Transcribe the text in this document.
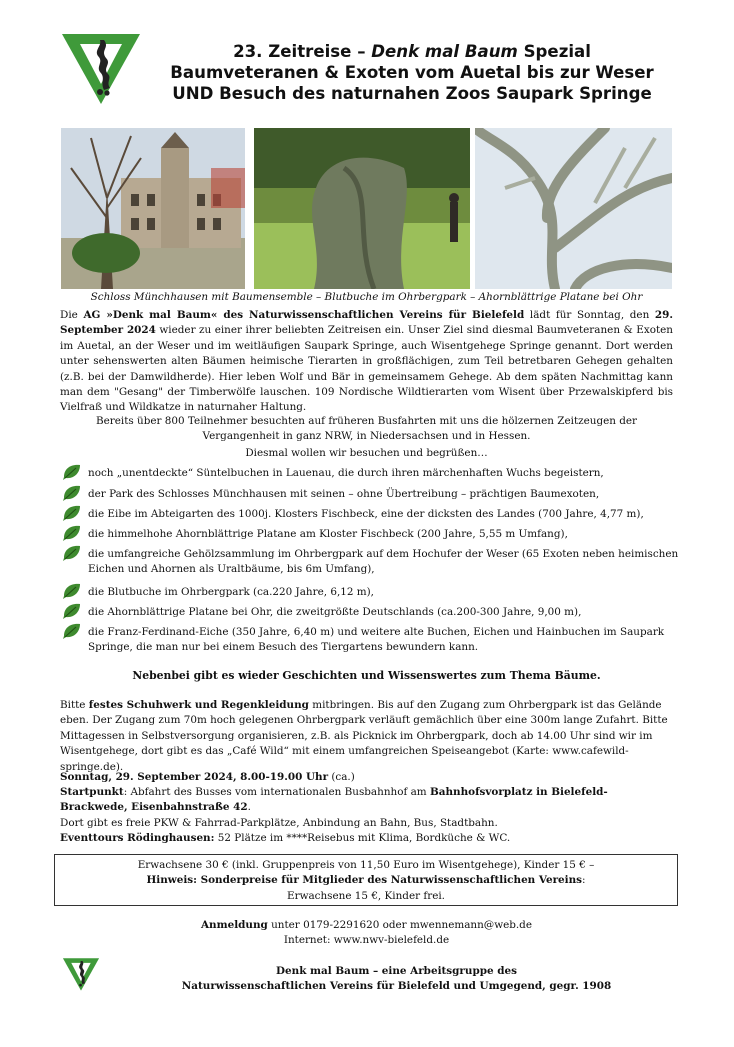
23. Zeitreise – Denk mal Baum Spezial
Baumveteranen & Exoten vom Auetal bis zur Weser
UND Besuch des naturnahen Zoos Saupark Springe
Schloss Münchhausen mit Baumensemble – Blutbuche im Ohrbergpark – Ahornblättrige Platane bei Ohr
Die AG »Denk mal Baum« des Naturwissenschaftlichen Vereins für Bielefeld lädt für Sonntag, den 29. September 2024 wieder zu einer ihrer beliebten Zeitreisen ein. Unser Ziel sind diesmal Baumveteranen & Exoten im Auetal, an der Weser und im weitläufigen Saupark Springe, auch Wisentgehege Springe genannt. Dort werden unter sehenswerten alten Bäumen heimische Tierarten in großflächigen, zum Teil betretbaren Gehegen gehalten (z.B. bei der Damwildherde). Hier leben Wolf und Bär in gemeinsamem Gehege. Ab dem späten Nachmittag kann man dem "Gesang" der Timberwölfe lauschen. 109 Nordische Wildtierarten vom Wisent über Przewalskipferd bis Vielfraß und Wildkatze in naturnaher Haltung.
Bereits über 800 Teilnehmer besuchten auf früheren Busfahrten mit uns die hölzernen Zeitzeugen der Vergangenheit in ganz NRW, in Niedersachsen und in Hessen.
Diesmal wollen wir besuchen und begrüßen…
noch „unentdeckte“ Süntelbuchen in Lauenau, die durch ihren märchenhaften Wuchs begeistern,
der Park des Schlosses Münchhausen mit seinen – ohne Übertreibung – prächtigen Baumexoten,
die Eibe im Abteigarten des 1000j. Klosters Fischbeck, eine der dicksten des Landes (700 Jahre, 4,77 m),
die himmelhohe Ahornblättrige Platane am Kloster Fischbeck (200 Jahre, 5,55 m Umfang),
die umfangreiche Gehölzsammlung im Ohrbergpark auf dem Hochufer der Weser (65 Exoten neben heimischen Eichen und Ahornen als Uraltbäume, bis 6m Umfang),
die Blutbuche im Ohrbergpark (ca.220 Jahre, 6,12 m),
die Ahornblättrige Platane bei Ohr, die zweitgrößte Deutschlands (ca.200-300 Jahre, 9,00 m),
die Franz-Ferdinand-Eiche (350 Jahre, 6,40 m) und weitere alte Buchen, Eichen und Hainbuchen im Saupark Springe, die man nur bei einem Besuch des Tiergartens bewundern kann.
Nebenbei gibt es wieder Geschichten und Wissenswertes zum Thema Bäume.
Bitte festes Schuhwerk und Regenkleidung mitbringen. Bis auf den Zugang zum Ohrbergpark ist das Gelände eben. Der Zugang zum 70m hoch gelegenen Ohrbergpark verläuft gemächlich über eine 300m lange Zufahrt. Bitte Mittagessen in Selbstversorgung organisieren, z.B. als Picknick im Ohrbergpark, doch ab 14.00 Uhr sind wir im Wisentgehege, dort gibt es das „Café Wild“ mit einem umfangreichen Speiseangebot (Karte: www.cafewild-springe.de).
Sonntag, 29. September 2024, 8.00-19.00 Uhr (ca.)
Startpunkt: Abfahrt des Busses vom internationalen Busbahnhof am Bahnhofsvorplatz in Bielefeld-Brackwede, Eisenbahnstraße 42.
Dort gibt es freie PKW & Fahrrad-Parkplätze, Anbindung an Bahn, Bus, Stadtbahn.
Eventtours Rödinghausen: 52 Plätze im ****Reisebus mit Klima, Bordküche & WC.
Erwachsene 30 € (inkl. Gruppenpreis von 11,50 Euro im Wisentgehege), Kinder 15 € –
Hinweis: Sonderpreise für Mitglieder des Naturwissenschaftlichen Vereins:
Erwachsene 15 €, Kinder frei.
Anmeldung unter 0179-2291620 oder mwennemann@web.de
Internet: www.nwv-bielefeld.de
Denk mal Baum – eine Arbeitsgruppe des
Naturwissenschaftlichen Vereins für Bielefeld und Umgegend, gegr. 1908
